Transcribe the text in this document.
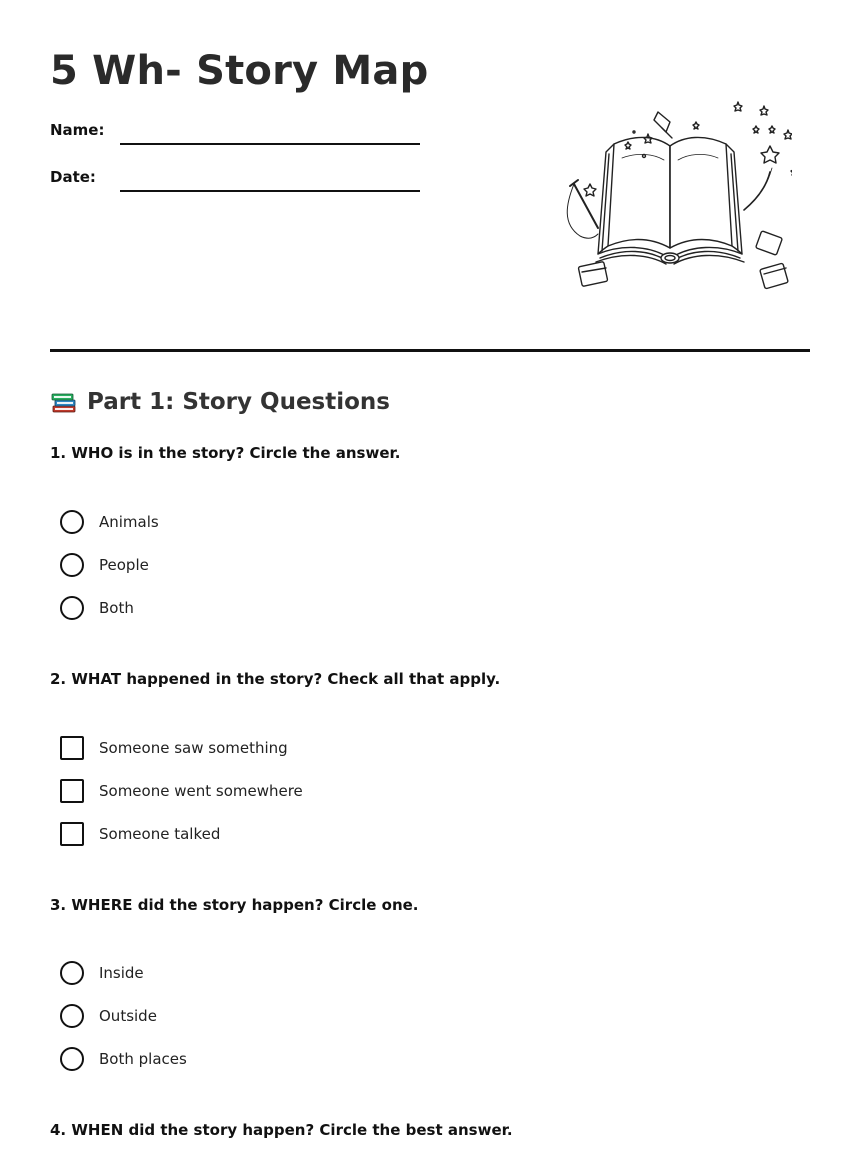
5 Wh- Story Map
Name:
Date:
Part 1: Story Questions

1. WHO is in the story? Circle the answer.

Animals
People
Both

2. WHAT happened in the story? Check all that apply.

Someone saw something
Someone went somewhere
Someone talked

3. WHERE did the story happen? Circle one.

Inside
Outside
Both places

4. WHEN did the story happen? Circle the best answer.
